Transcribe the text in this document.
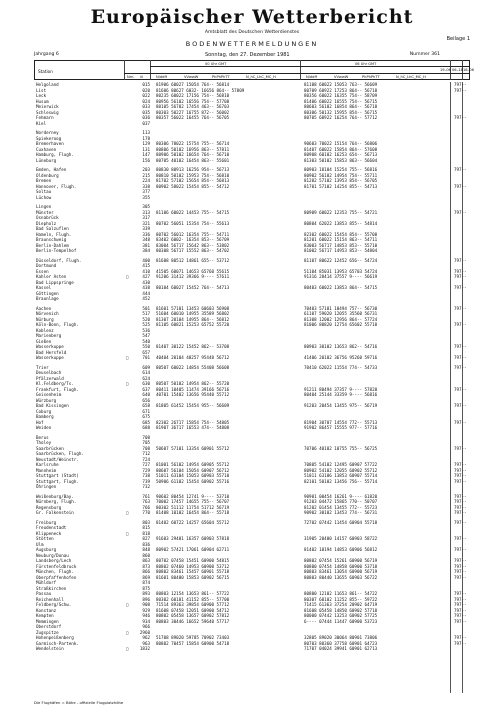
Europäischer Wetterbericht
Beilage 1
Amtsblatt des Deutschen Wetterdienstes
BODENWETTERMELDUNGEN
Jahrgang 6	Sonntag, den 27. Dezember 1981	Nummer 361
Station
00 Uhr GMT	06 Uhr GMT
19–06 06–18 18–06
Nrn. iii	N/ddff	VVwwW	PhPhPhTT	N_hC_LhC_MC_H	N/ddff	VVwwW	PhPhPhTT	N_hC_LhC_MC_H
Helgoland	015 81906 60027 15054 764-- 56814	81108 60022 15053 763-- 56609	797--
List	020 81606 80627 6032- 16656 864-- 57809	80709 60922 17253 864-- 56718	797--
Leck	022 80235 60022 17156 754-- 56810	80356 60022 16355 754-- 58709
Husum	024 80956 56102 16556 754-- 57708	81406 60022 16555 754-- 56715
Meierwick	033 80105 56702 17454 463-- 56703	80603 56102 16854 864-- 56718
Schleswig	035 80303 50227 16755 872-- 56002	80306 50132 15955 854-- 56715
Fehmarn	036 80357 56022 16455 764-- 56705	80705 60922 16254 764-- 57712	797--
Kiel	037
Norderney	113
Spiekeroog	178
Bremerhaven	129 80306 78022 15754 755-- 56714	90603 70022 15154 764-- 56806
Cuxhaven	131 80806 50102 16956 863-- 57811	81407 60022 15854 864-- 57608
Hamburg, Flugh.	147 80906 50102 16654 764-- 56710	80908 60102 16253 654-- 56713
Lüneburg	156 80705 40102 16454 863-- 55601	81303 50102 15853 863-- 56604
Emden, Hafen	203 80830 80913 16256 954-- 56713	80903 18104 15254 755-- 56816	797--
Oldenburg	215 80810 50102 15953 754-- 56810	80902 56102 14954 754-- 55711
Bremen	224 81702 57102 15654 854-- 56813	81202 57102 13953 854-- 56705
Hannover, Flugh.	338 80902 58022 15454 855-- 54712	81701 57102 14254 855-- 54713	797--
Soltau	377
Lüchow	355
Lingen	305
Münster	313 81106 60022 14453 755-- 54715	80909 60022 12353 755-- 54721	797--
Osnabrück	317
Diepholz	321 80702 56051 15354 754-- 55613	80804 62022 13853 855-- 54814
Bad Salzuflen	339
Hameln, Flugh.	336 80702 56012 16354 755-- 54711	82302 60022 15454 854-- 55708
Braunschweig	348 83402 6002- 16354 853-- 56709	81201 60022 15154 863-- 54711
Berlin-Dahlem	381 83004 56717 15642 863-- 53802	83003 56717 14853 853-- 55710
Berlin-Tempelhof	384 80308 56717 15552 863-- 54702	81002 56717 14953 853-- 54804
Düsseldorf, Flugh.	400 81608 80512 14861 655-- 53712	81107 80622 12452 656-- 54724	797--
Dortmund	415
Essen	410 41505 60071 14653 65760 55615	51104 85031 13953 65703 54724	797--
Kahler Asten	□	427 91206 31412 39366 9---- 57611	91316 28414 37557 9---- 56619	797--
Bad Lippspringe	430
Kassel	438 80104 60027 15452 764-- 54713	80403 60022 13853 864-- 54715	797--
Göttingen	444
Braunlage	452
Aachen	501 81601 57101 13453 60603 56908	70403 57101 10494 757-- 56730	797--
Nörvenich	517 51604 60010 14955 35589 56802	61107 59020 12055 35560 56731
Nürburg	520 81307 20104 14955 864-- 56812	81308 12002 12956 864-- 57724
Köln-Bonn, Flugh.	525 81105 60821 15253 65752 55720	81006 80820 12754 65602 55718	797--
Koblenz	536
Marienberg	547
Gießen	540
Wasserkuppe	550 81407 30122 15452 862-- 53708	80903 30102 13653 862-- 54716	797--
Bad Hersfeld	657
Wasserkuppe	□	701 40404 20104 40257 95448 56712	41406 20102 36756 95260 59716	797--
Trier	609 80507 60022 14854 55408 56608	70410 62022 11554 774-- 54733	797--
Deuselbach	614
Pfälzerwald	624
Kl.Feldberg/Ts.	□	630 80507 50102 14954 862-- 55720
Frankfurt, Flugh.	637 80411 10405 11474 39166 56716	91211 80494 37357 9---- 57820	797--
Geisenheim	640 40701 15402 13656 95440 55712	80404 25144 33359 9---- 56816
Würzburg	656
Bad Kissingen	658 81805 61452 15454 955-- 56609	91203 20454 13455 975-- 56719	797--
Coburg	671
Bamberg	675
Hof	685 82302 26717 15854 754-- 54805	81904 30707 14554 772-- 55713	797--
Weiden	688 81907 36717 16553 474-- 54808	91902 86457 15555 977-- 57716
Berus	708
Tholey	705
Saarbrücken	708 50607 57101 13354 60901 55712	70706 40102 10755 755-- 56725	797--
Saarbrücken, Flugh.	712
Neustadt/Weinstr.	724
Karlsruhe	727 81001 56102 14954 60905 55712	70805 54102 12495 60907 57722	797--
Mannheim	729 80607 56104 15054 60907 56712	80902 54102 12055 60902 55712	797--
Stuttgart (Stadt)	738 51011 63104 15053 60903 55710	51011 63106 13853 60907 55714	797--
Stuttgart, Flugh.	739 50906 61102 15454 60902 55716	82101 50102 13456 756-- 55714	797--
Öhringen	732
Weißenburg/Bay.	761 90602 80454 12741 9---- 53710	90901 00454 16261 9---- 61820	797--
Nürnberg, Flugh.	763 70002 17457 14655 755-- 56707	91203 04472 15865 770-- 50707	797--
Regensburg	766 80302 51112 11754 51712 56719	81202 01454 13455 772-- 55723	797--
Gr. Falkenstein	□	770 81408 10102 16454 864-- 55718	90902 30102 13453 774-- 56731	797--
Freiburg	803 81402 60722 14257 65604 55712	72702 07442 11454 60904 55718	797--
Freudenstadt	815
Klippeneck	□	818
Stötten	827 91603 29401 16357 60903 57818	31905 20400 14157 60903 58722	797--
Ulm	836
Augsburg	848 80902 57421 17061 60904 62711	81402 10194 14853 60906 56812	797--
Neuburg/Donau	860
Landsberg/Lech	863 80702 07458 15451 60900 54815	80802 07454 15261 60900 56719	797--
Fürstenfeldbruck	873 80802 07460 14953 60900 53712	80800 07454 14858 60900 53718	797--
München, Flugh.	866 80802 83461 15457 60901 55718	80803 83461 13054 60900 56719	797--
Oberpfaffenhofen	869 81601 80400 15853 60902 56715	80803 80440 13655 60903 56722	797--
Mühldorf	874
Straßkirchen	875
Passau	893 80803 12154 13653 861-- 57722	80800 12102 11653 861-- 54722	797--
Reichenhall	896 80302 60101 41152 855-- 57700	80307 60102 11252 855-- 59722	797--
Feldberg/Schw.	□	908 71514 89363 39854 60900 57712	71415 61363 37254 20902 64719	797--
Konstanz	929 81608 07458 12051 60900 54712	81608 05458 14850 60902 57718	797--
Kempten	946 80802 05458 13657 60902 57812	80000 07442 13253 60902 57725	797--
Memmingen	934 80803 30446 16652 59640 57717	6---- 07444 11447 60900 53723	797--
Oberstdorf	966
Zugspitze	□	2960
Hohenpeißenberg	962 51708 89020 59785 70902 73403	32805 89020 30064 80901 73806	797--
Garmisch-Partenk.	963 80802 70457 15854 60900 54718	80703 80360 37758 60901 64723	797--
Wendelstein	□	1832	71707 04024 39941 60901 62713
Die Flughäfen = Böhe - offizielle Flugplatzhöhe
